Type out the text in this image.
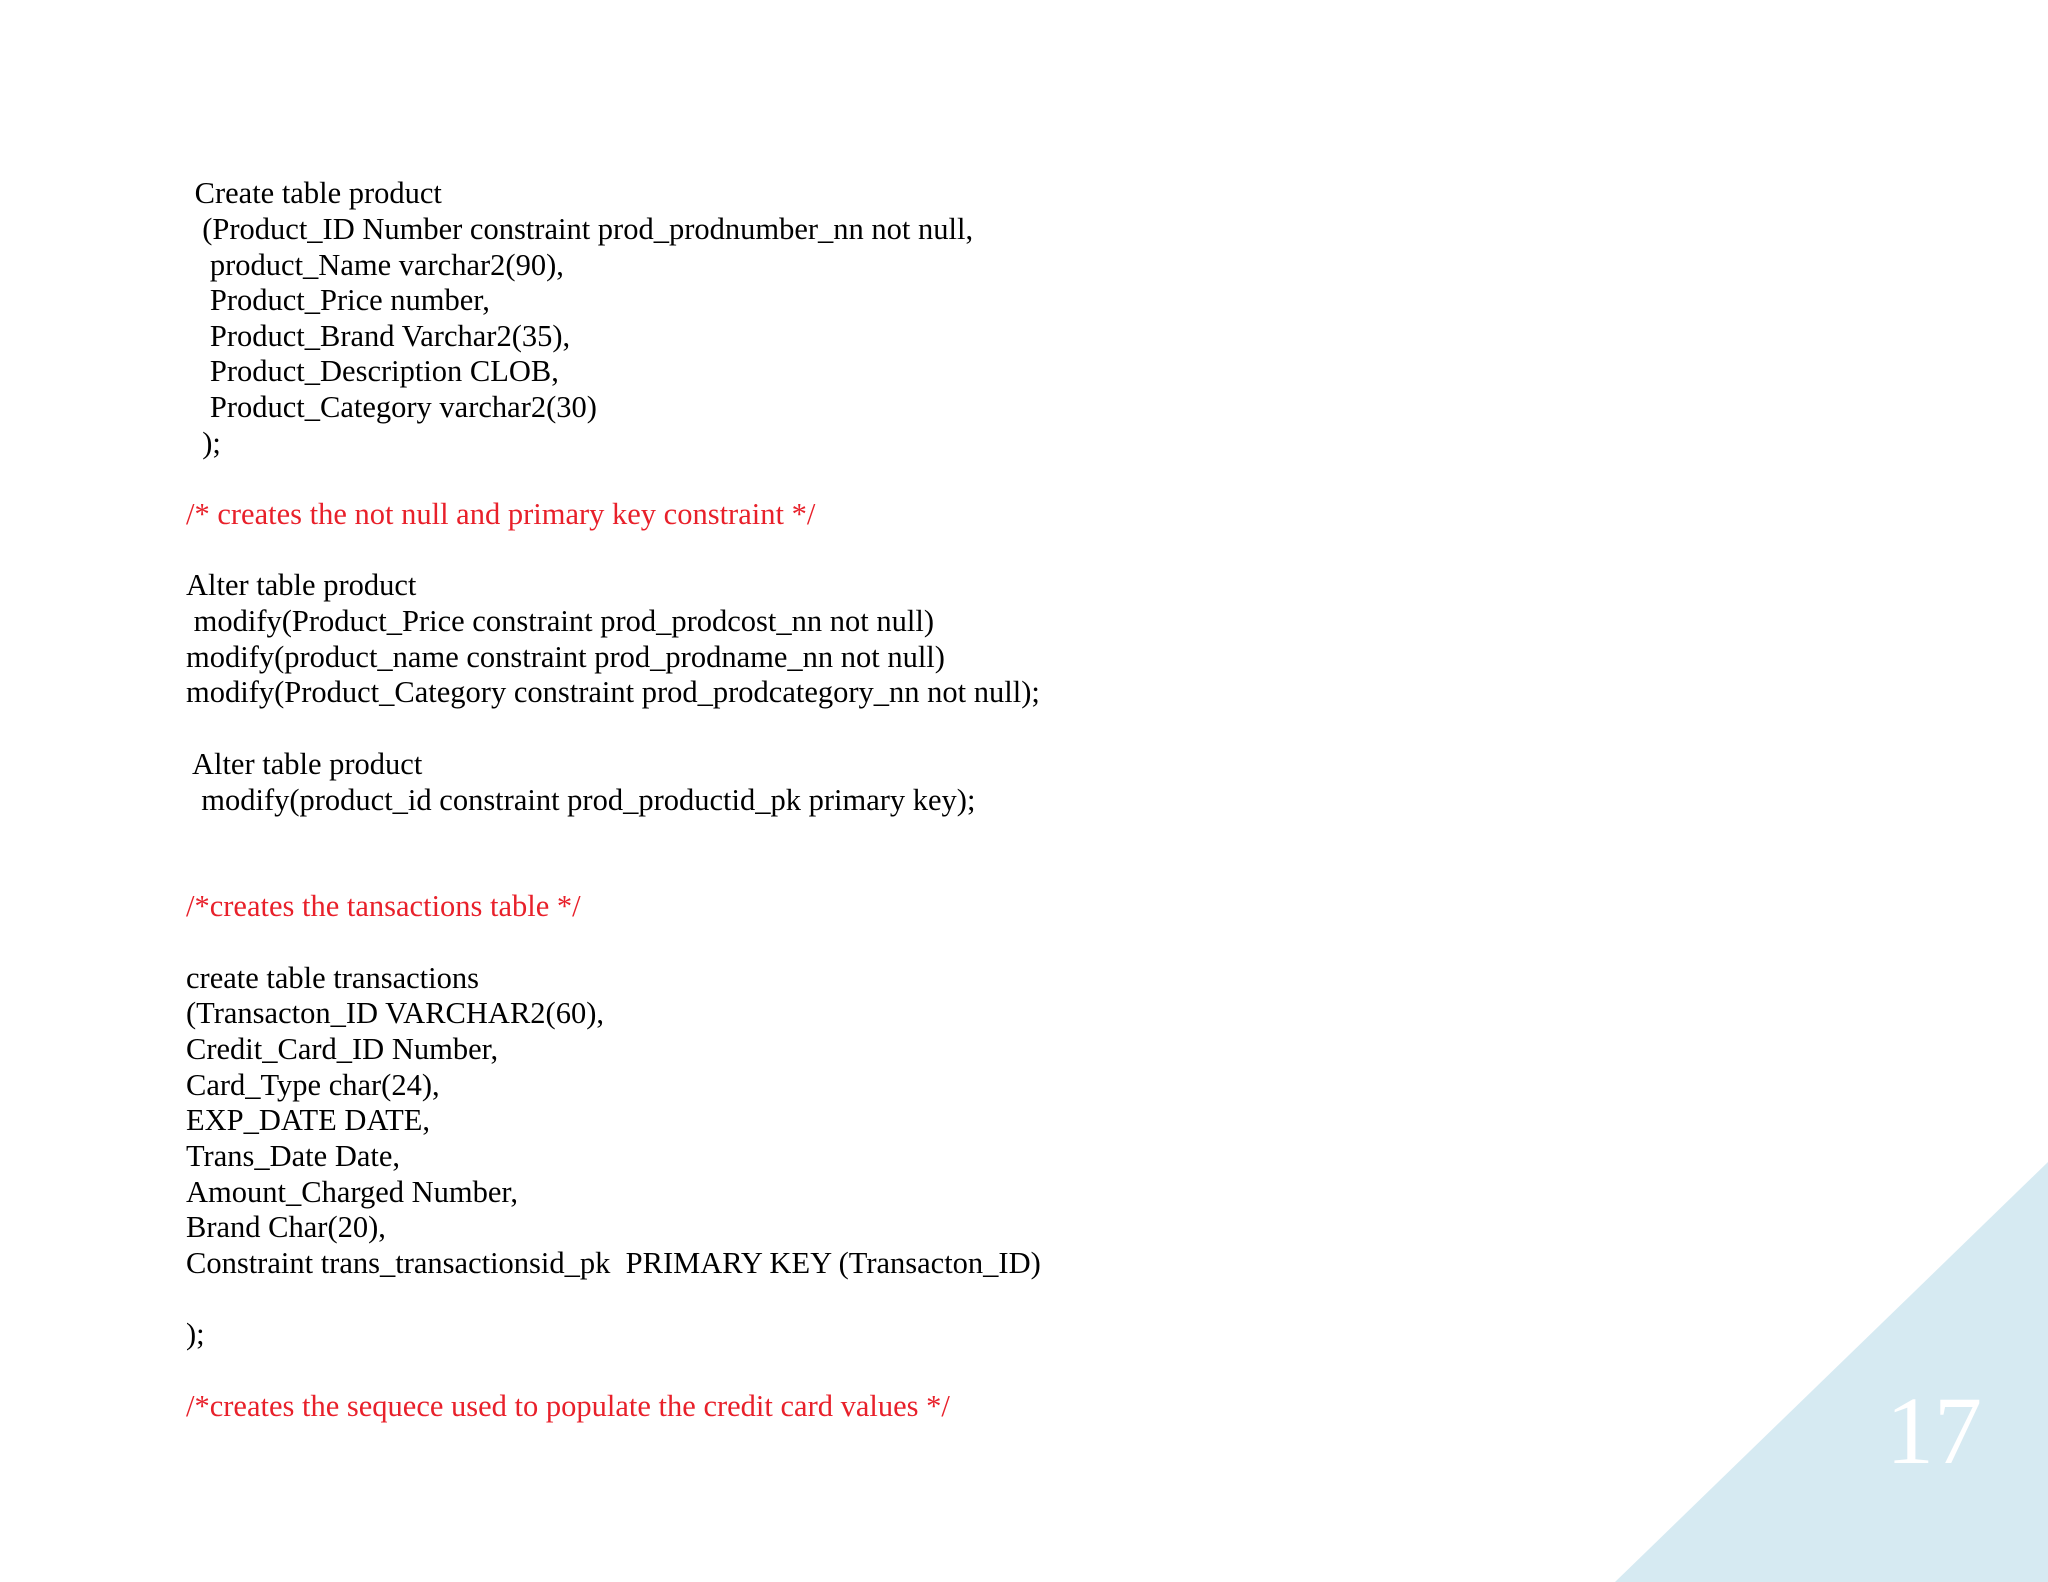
Create table product
(Product_ID Number constraint prod_prodnumber_nn not null,
product_Name varchar2(90),
Product_Price number,
Product_Brand Varchar2(35),
Product_Description CLOB,
Product_Category varchar2(30)
);
/* creates the not null and primary key constraint */
Alter table product
modify(Product_Price constraint prod_prodcost_nn not null)
modify(product_name constraint prod_prodname_nn not null)
modify(Product_Category constraint prod_prodcategory_nn not null);
Alter table product
modify(product_id constraint prod_productid_pk primary key);
/*creates the tansactions table */
create table transactions
(Transacton_ID VARCHAR2(60),
Credit_Card_ID Number,
Card_Type char(24),
EXP_DATE DATE,
Trans_Date Date,
Amount_Charged Number,
Brand Char(20),
Constraint trans_transactionsid_pk  PRIMARY KEY (Transacton_ID)
);
/*creates the sequece used to populate the credit card values */	17
